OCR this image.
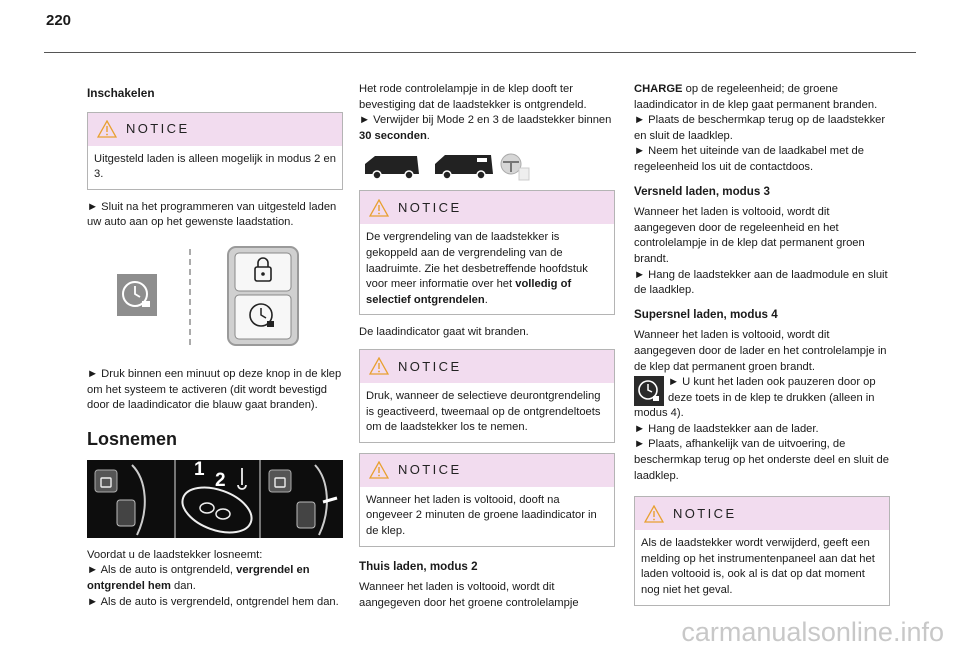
220
Inschakelen
NOTICE
Uitgesteld laden is alleen mogelijk in modus 2 en 3.

► Sluit na het programmeren van uitgesteld laden uw auto aan op het gewenste laadstation.

► Druk binnen een minuut op deze knop in de klep om het systeem te activeren (dit wordt bevestigd door de laadindicator die blauw gaat branden).

Losnemen
1
2

Voordat u de laadstekker losneemt:

► Als de auto is ontgrendeld, vergrendel en ontgrendel hem dan.

► Als de auto is vergrendeld, ontgrendel hem dan.

Het rode controlelampje in de klep dooft ter bevestiging dat de laadstekker is ontgrendeld.

► Verwijder bij Mode 2 en 3 de laadstekker binnen 30 seconden.

NOTICE
De vergrendeling van de laadstekker is gekoppeld aan de vergrendeling van de laadruimte. Zie het desbetreffende hoofdstuk voor meer informatie over het volledig of selectief ontgrendelen.

De laadindicator gaat wit branden.

NOTICE
Druk, wanneer de selectieve deurontgrendeling is geactiveerd, tweemaal op de ontgrendeltoets om de laadstekker los te nemen.
NOTICE
Wanneer het laden is voltooid, dooft na ongeveer 2 minuten de groene laadindicator in de klep.
Thuis laden, modus 2

Wanneer het laden is voltooid, wordt dit aangegeven door het groene controlelampje

CHARGE op de regeleenheid; de groene laadindicator in de klep gaat permanent branden.

► Plaats de beschermkap terug op de laadstekker en sluit de laadklep.

► Neem het uiteinde van de laadkabel met de regeleenheid los uit de contactdoos.

Versneld laden, modus 3

Wanneer het laden is voltooid, wordt dit aangegeven door de regeleenheid en het controlelampje in de klep dat permanent groen brandt.

► Hang de laadstekker aan de laadmodule en sluit de laadklep.

Supersnel laden, modus 4

Wanneer het laden is voltooid, wordt dit aangegeven door de lader en het controlelampje in de klep dat permanent groen brandt.

► U kunt het laden ook pauzeren door op deze toets in de klep te drukken (alleen in modus 4).

► Hang de laadstekker aan de lader.

► Plaats, afhankelijk van de uitvoering, de beschermkap terug op het onderste deel en sluit de laadklep.

NOTICE
Als de laadstekker wordt verwijderd, geeft een melding op het instrumentenpaneel aan dat het laden voltooid is, ook al is dat op dat moment nog niet het geval.
carmanualsonline.info
